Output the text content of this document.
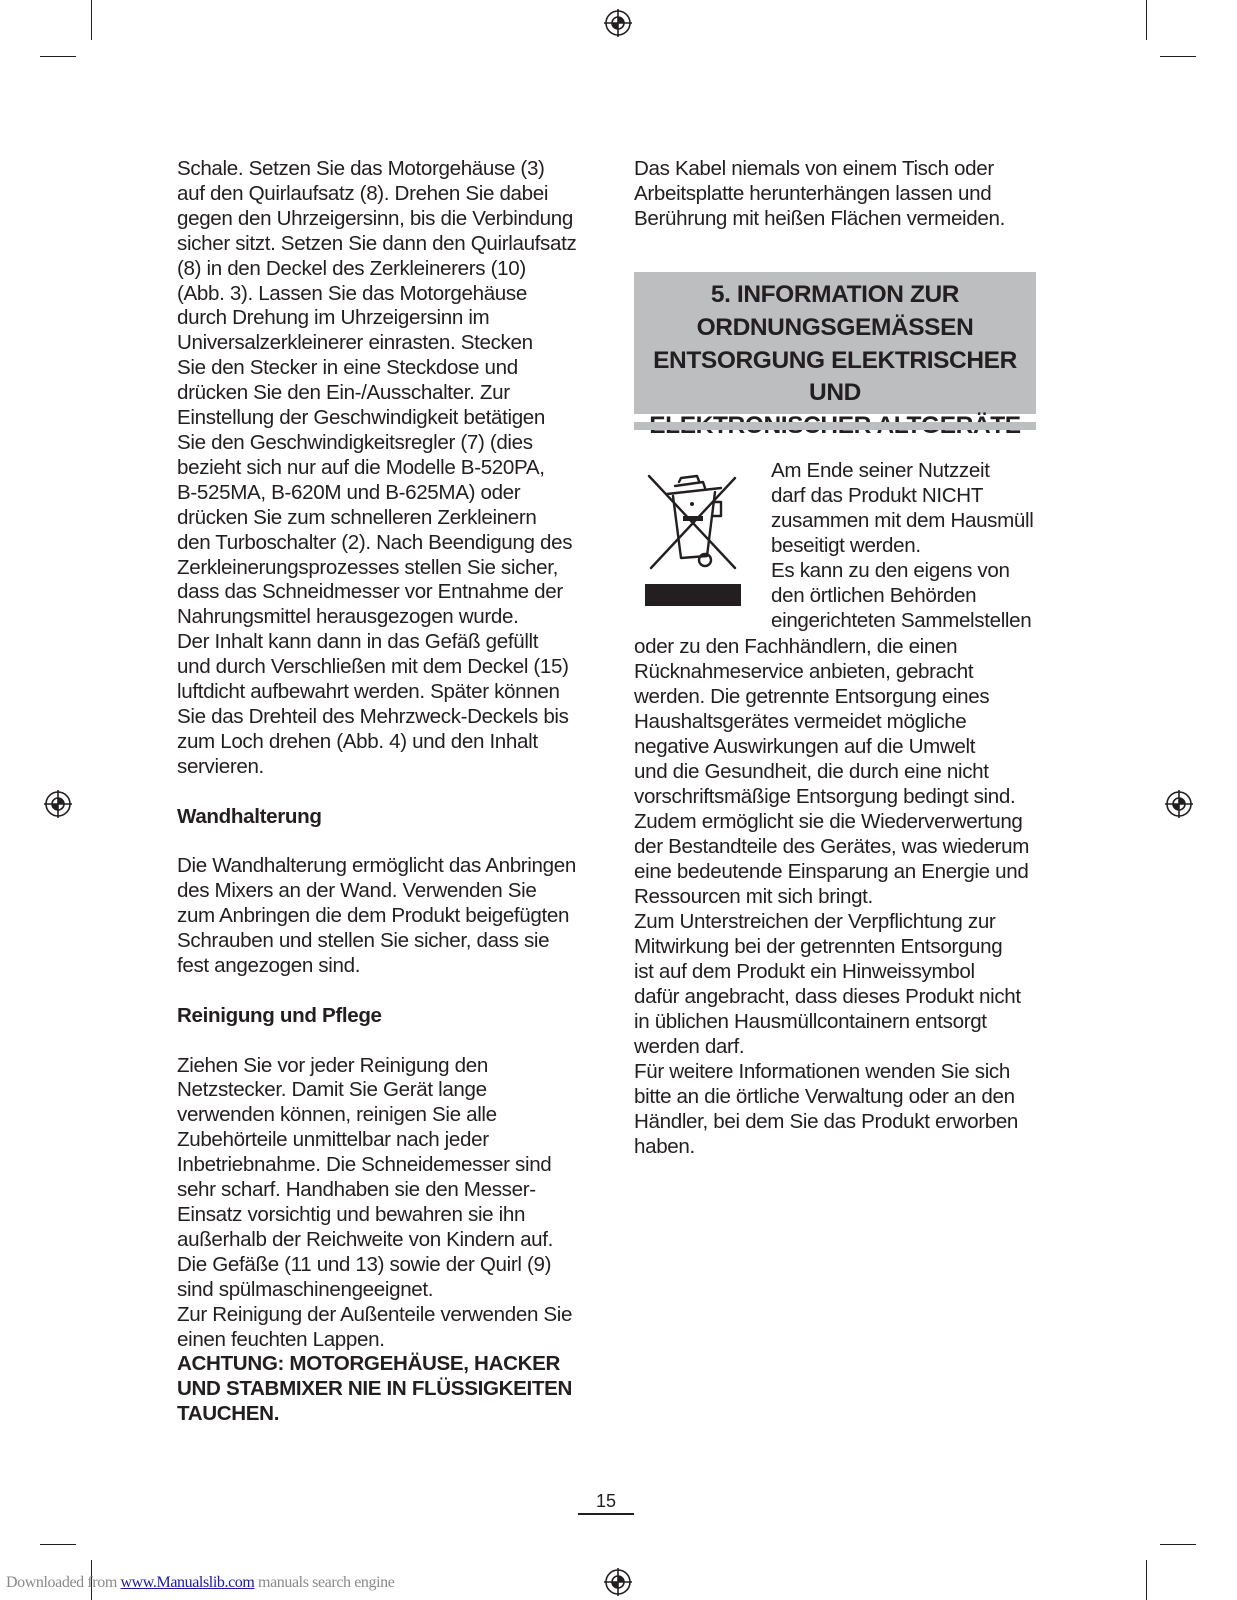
Schale. Setzen Sie das Motorgehäuse (3)
auf den Quirlaufsatz (8). Drehen Sie dabei
gegen den Uhrzeigersinn, bis die Verbindung
sicher sitzt. Setzen Sie dann den Quirlaufsatz
(8) in den Deckel des Zerkleinerers (10)
(Abb. 3). Lassen Sie das Motorgehäuse
durch Drehung im Uhrzeigersinn im
Universalzerkleinerer einrasten. Stecken
Sie den Stecker in eine Steckdose und
drücken Sie den Ein-/Ausschalter. Zur
Einstellung der Geschwindigkeit betätigen
Sie den Geschwindigkeitsregler (7) (dies
bezieht sich nur auf die Modelle B-520PA,
B-525MA, B-620M und B-625MA) oder
drücken Sie zum schnelleren Zerkleinern
den Turboschalter (2). Nach Beendigung des
Zerkleinerungsprozesses stellen Sie sicher,
dass das Schneidmesser vor Entnahme der
Nahrungsmittel herausgezogen wurde.
Der Inhalt kann dann in das Gefäß gefüllt
und durch Verschließen mit dem Deckel (15)
luftdicht aufbewahrt werden. Später können
Sie das Drehteil des Mehrzweck-Deckels bis
zum Loch drehen (Abb. 4) und den Inhalt
servieren.

Wandhalterung

Die Wandhalterung ermöglicht das Anbringen
des Mixers an der Wand. Verwenden Sie
zum Anbringen die dem Produkt beigefügten
Schrauben und stellen Sie sicher, dass sie
fest angezogen sind.

Reinigung und Pflege

Ziehen Sie vor jeder Reinigung den
Netzstecker. Damit Sie Gerät lange
verwenden können, reinigen Sie alle
Zubehörteile unmittelbar nach jeder
Inbetriebnahme. Die Schneidemesser sind
sehr scharf. Handhaben sie den Messer-
Einsatz vorsichtig und bewahren sie ihn
außerhalb der Reichweite von Kindern auf.
Die Gefäße (11 und 13) sowie der Quirl (9)
sind spülmaschinengeeignet.
Zur Reinigung der Außenteile verwenden Sie
einen feuchten Lappen.

ACHTUNG: MOTORGEHÄUSE, HACKER
UND STABMIXER NIE IN FLÜSSIGKEITEN
TAUCHEN.

Das Kabel niemals von einem Tisch oder
Arbeitsplatte herunterhängen lassen und
Berührung mit heißen Flächen vermeiden.

5. INFORMATION ZUR
ORDNUNGSGEMÄSSEN
ENTSORGUNG ELEKTRISCHER UND

Am Ende seiner Nutzzeit
darf das Produkt NICHT
zusammen mit dem Hausmüll
beseitigt werden.
Es kann zu den eigens von
den örtlichen Behörden
eingerichteten Sammelstellen

oder zu den Fachhändlern, die einen
Rücknahmeservice anbieten, gebracht
werden. Die getrennte Entsorgung eines
Haushaltsgerätes vermeidet mögliche
negative Auswirkungen auf die Umwelt
und die Gesundheit, die durch eine nicht
vorschriftsmäßige Entsorgung bedingt sind.
Zudem ermöglicht sie die Wiederverwertung
der Bestandteile des Gerätes, was wiederum
eine bedeutende Einsparung an Energie und
Ressourcen mit sich bringt.
Zum Unterstreichen der Verpflichtung zur
Mitwirkung bei der getrennten Entsorgung
ist auf dem Produkt ein Hinweissymbol
dafür angebracht, dass dieses Produkt nicht
in üblichen Hausmüllcontainern entsorgt
werden darf.
Für weitere Informationen wenden Sie sich
bitte an die örtliche Verwaltung oder an den
Händler, bei dem Sie das Produkt erworben
haben.

15
Downloaded from www.Manualslib.com manuals search engine
